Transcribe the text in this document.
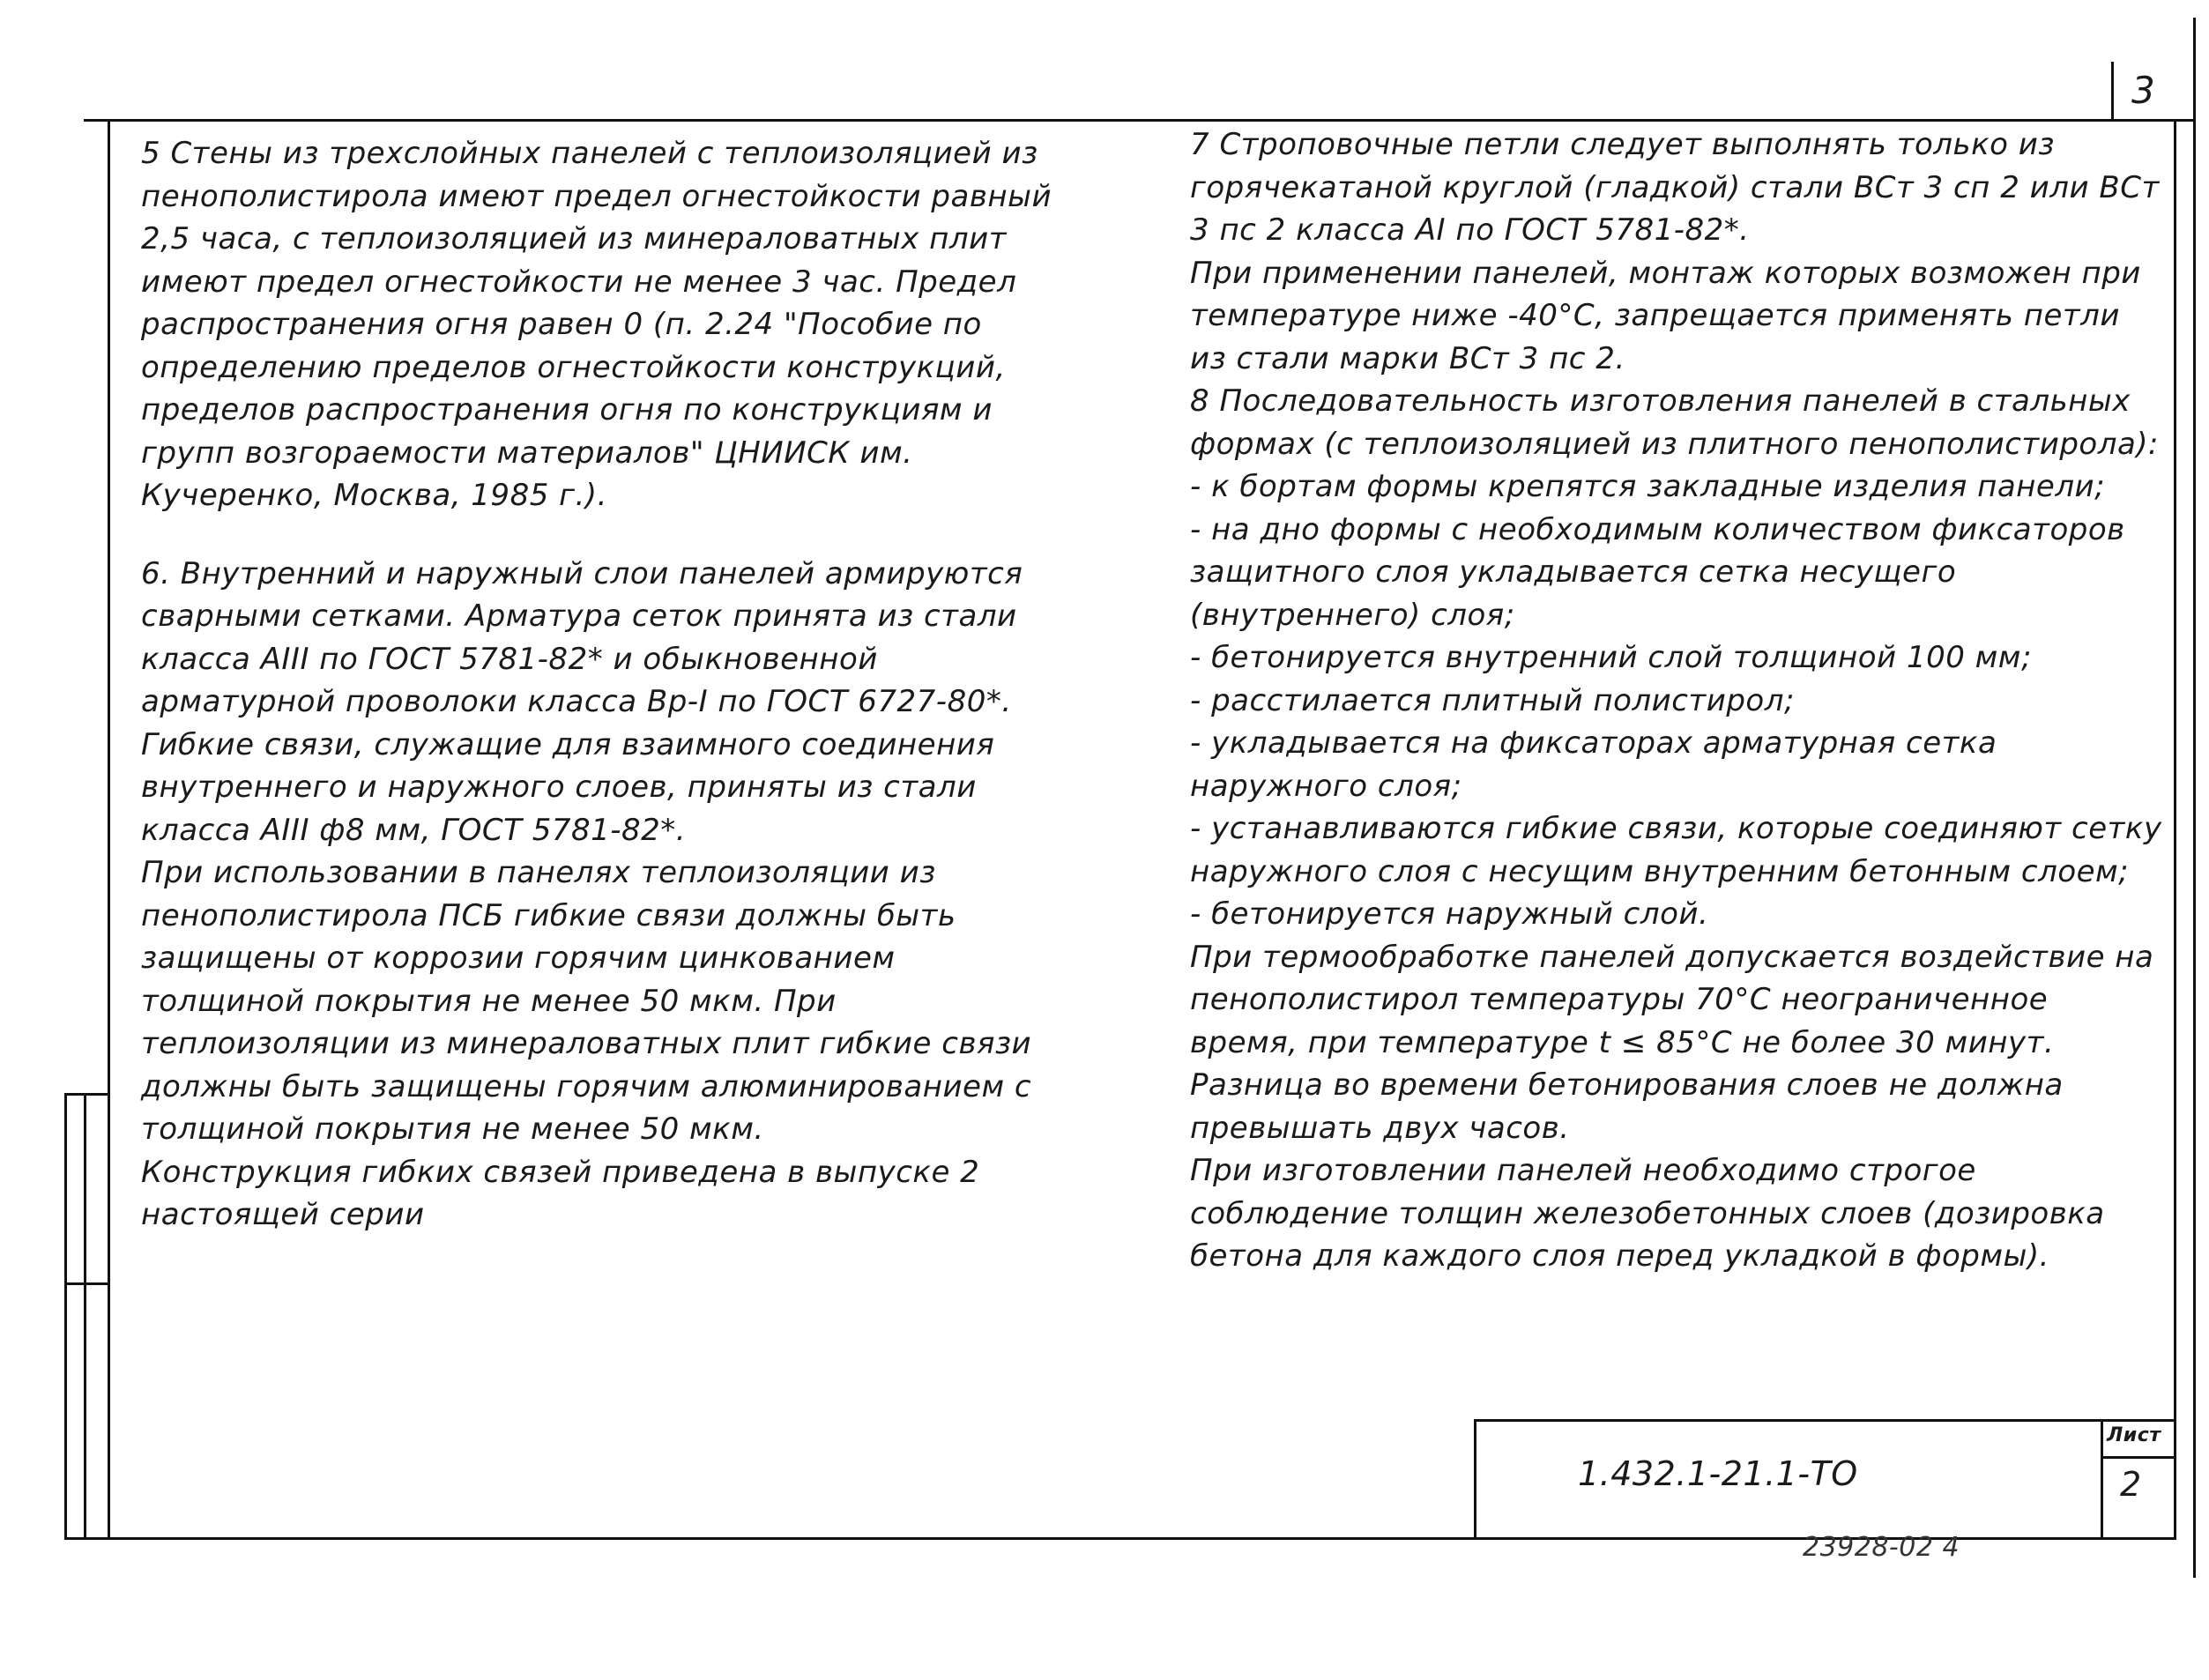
3

5 Стены из трехслойных панелей с теплоизоляцией из пенополистирола имеют предел огнестойкости равный 2,5 часа, с теплоизоляцией из минераловатных плит имеют предел огнестойкости не менее 3 час. Предел распространения огня равен 0 (п. 2.24 "Пособие по определению пределов огнестойкости конструкций, пределов распространения огня по конструкциям и групп возгораемости материалов" ЦНИИСК им. Кучеренко, Москва, 1985 г.).

6. Внутренний и наружный слои панелей армируются сварными сетками. Арматура сеток принята из стали класса АIII по ГОСТ 5781-82* и обыкновенной арматурной проволоки класса Вр-I по ГОСТ 6727-80*. Гибкие связи, служащие для взаимного соединения внутреннего и наружного слоев, приняты из стали класса АIII ф8 мм, ГОСТ 5781-82*.

При использовании в панелях теплоизоляции из пенополистирола ПСБ гибкие связи должны быть защищены от коррозии горячим цинкованием толщиной покрытия не менее 50 мкм. При теплоизоляции из минераловатных плит гибкие связи должны быть защищены горячим алюминированием с толщиной покрытия не менее 50 мкм.

Конструкция гибких связей приведена в выпуске 2 настоящей серии

7 Строповочные петли следует выполнять только из горячекатаной круглой (гладкой) стали ВСт 3 сп 2 или ВСт 3 пс 2 класса АI по ГОСТ 5781-82*.

При применении панелей, монтаж которых возможен при температуре ниже -40°С, запрещается применять петли из стали марки ВСт 3 пс 2.

8 Последовательность изготовления панелей в стальных формах (с теплоизоляцией из плитного пенополистирола):

- к бортам формы крепятся закладные изделия панели;

- на дно формы с необходимым количеством фиксаторов защитного слоя укладывается сетка несущего (внутреннего) слоя;

- бетонируется внутренний слой толщиной 100 мм;

- расстилается плитный полистирол;

- укладывается на фиксаторах арматурная сетка наружного слоя;

- устанавливаются гибкие связи, которые соединяют сетку наружного слоя с несущим внутренним бетонным слоем;

- бетонируется наружный слой.

При термообработке панелей допускается воздействие на пенополистирол температуры 70°С неограниченное время, при температуре t ≤ 85°С не более 30 минут.

Разница во времени бетонирования слоев не должна превышать двух часов.

При изготовлении панелей необходимо строгое соблюдение толщин железобетонных слоев (дозировка бетона для каждого слоя перед укладкой в формы).

1.432.1-21.1-ТО
Лист
2
23928-02 4
